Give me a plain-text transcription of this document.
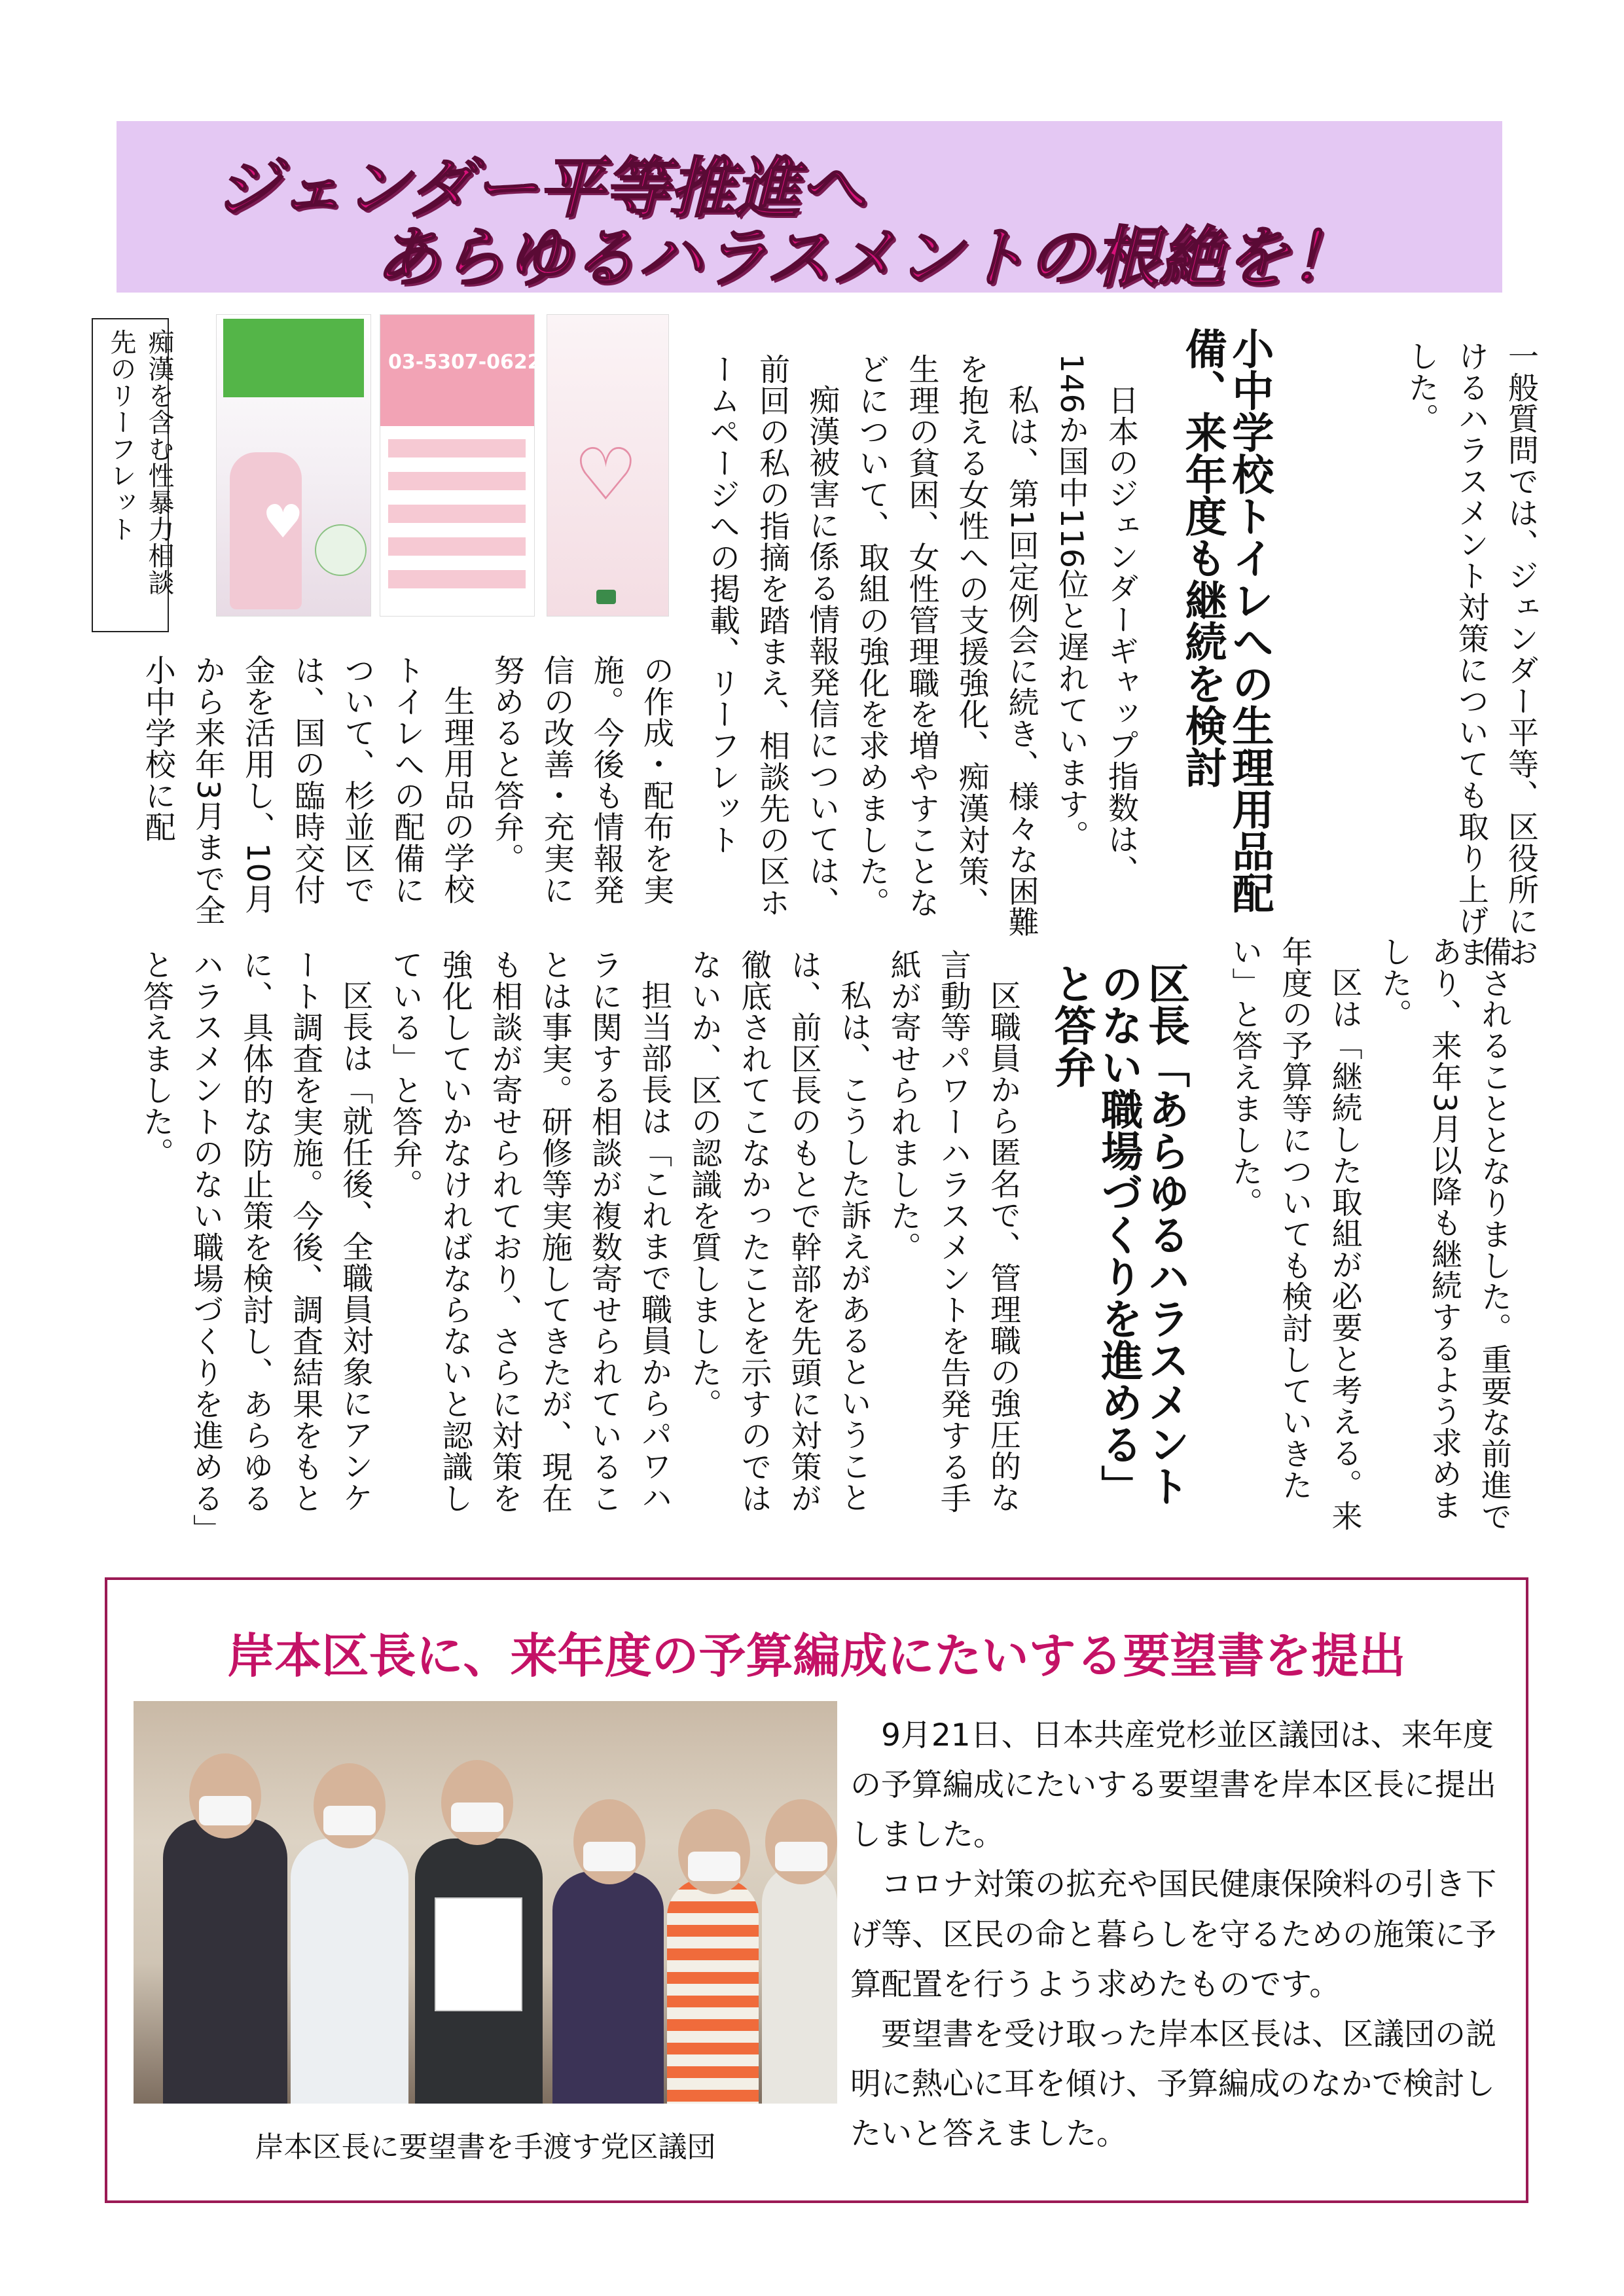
ジェンダー平等推進へ
あらゆるハラスメントの根絶を！

一般質問では、ジェンダー平等、区役所におけるハラスメント対策についても取り上げました。

小中学校トイレへの生理用品配備、来年度も継続を検討

日本のジェンダーギャップ指数は、146か国中116位と遅れています。

私は、第1回定例会に続き、様々な困難を抱える女性への支援強化、痴漢対策、生理の貧困、女性管理職を増やすことなどについて、取組の強化を求めました。

痴漢被害に係る情報発信については、前回の私の指摘を踏まえ、相談先の区ホームページへの掲載、リーフレット

♥
03-5307-0622
♡
痴漢を含む性暴力相談先のリーフレット

の作成・配布を実施。今後も情報発信の改善・充実に努めると答弁。

生理用品の学校トイレへの配備について、杉並区では、国の臨時交付金を活用し、10月から来年3月まで全小中学校に配

備されることとなりました。重要な前進であり、来年3月以降も継続するよう求めました。

区は「継続した取組が必要と考える。来年度の予算等についても検討していきたい」と答えました。

区長「あらゆるハラスメントのない職場づくりを進める」と答弁

区職員から匿名で、管理職の強圧的な言動等パワーハラスメントを告発する手紙が寄せられました。

私は、こうした訴えがあるということは、前区長のもとで幹部を先頭に対策が徹底されてこなかったことを示すのではないか、区の認識を質しました。

担当部長は「これまで職員からパワハラに関する相談が複数寄せられていることは事実。研修等実施してきたが、現在も相談が寄せられており、さらに対策を強化していかなければならないと認識している」と答弁。

区長は「就任後、全職員対象にアンケート調査を実施。今後、調査結果をもとに、具体的な防止策を検討し、あらゆるハラスメントのない職場づくりを進める」と答えました。

岸本区長に、来年度の予算編成にたいする要望書を提出
岸本区長に要望書を手渡す党区議団

9月21日、日本共産党杉並区議団は、来年度の予算編成にたいする要望書を岸本区長に提出しました。

コロナ対策の拡充や国民健康保険料の引き下げ等、区民の命と暮らしを守るための施策に予算配置を行うよう求めたものです。

要望書を受け取った岸本区長は、区議団の説明に熱心に耳を傾け、予算編成のなかで検討したいと答えました。
